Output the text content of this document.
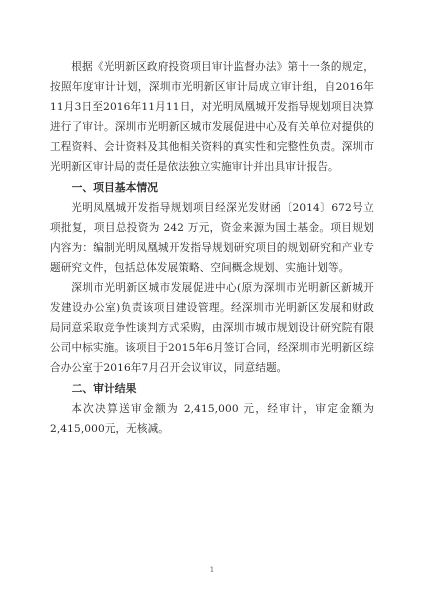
根据《光明新区政府投资项目审计监督办法》第十一条的规定，按照年度审计计划，深圳市光明新区审计局成立审计组，自2016年11月3日至2016年11月11日，对光明凤凰城开发指导规划项目决算进行了审计。深圳市光明新区城市发展促进中心及有关单位对提供的工程资料、会计资料及其他相关资料的真实性和完整性负责。深圳市光明新区审计局的责任是依法独立实施审计并出具审计报告。

一、项目基本情况

光明凤凰城开发指导规划项目经深光发财函〔2014〕672号立项批复，项目总投资为 242 万元，资金来源为国土基金。项目规划内容为：编制光明凤凰城开发指导规划研究项目的规划研究和产业专题研究文件，包括总体发展策略、空间概念规划、实施计划等。

深圳市光明新区城市发展促进中心(原为深圳市光明新区新城开发建设办公室)负责该项目建设管理。经深圳市光明新区发展和财政局同意采取竞争性谈判方式采购，由深圳市城市规划设计研究院有限公司中标实施。该项目于2015年6月签订合同，经深圳市光明新区综合办公室于2016年7月召开会议审议，同意结题。

二、审计结果

本次决算送审金额为 2,415,000 元，经审计，审定金额为 2,415,000元，无核减。

1
